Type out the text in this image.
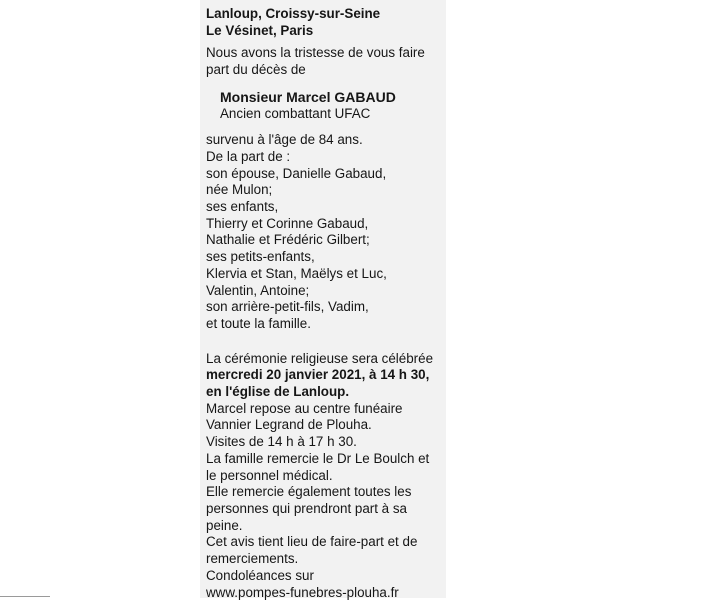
Lanloup, Croissy-sur-Seine
Le Vésinet, Paris
Nous avons la tristesse de vous faire
part du décès de
Monsieur Marcel GABAUD
Ancien combattant UFAC
survenu à l'âge de 84 ans.
De la part de :
son épouse, Danielle Gabaud,
née Mulon;
ses enfants,
Thierry et Corinne Gabaud,
Nathalie et Frédéric Gilbert;
ses petits-enfants,
Klervia et Stan, Maëlys et Luc,
Valentin, Antoine;
son arrière-petit-fils, Vadim,
et toute la famille.
La cérémonie religieuse sera célébrée
mercredi 20 janvier 2021, à 14 h 30,
en l'église de Lanloup.
Marcel repose au centre funéaire
Vannier Legrand de Plouha.
Visites de 14 h à 17 h 30.
La famille remercie le Dr Le Boulch et
le personnel médical.
Elle remercie également toutes les
personnes qui prendront part à sa
peine.
Cet avis tient lieu de faire-part et de
remerciements.
Condoléances sur
www.pompes-funebres-plouha.fr
